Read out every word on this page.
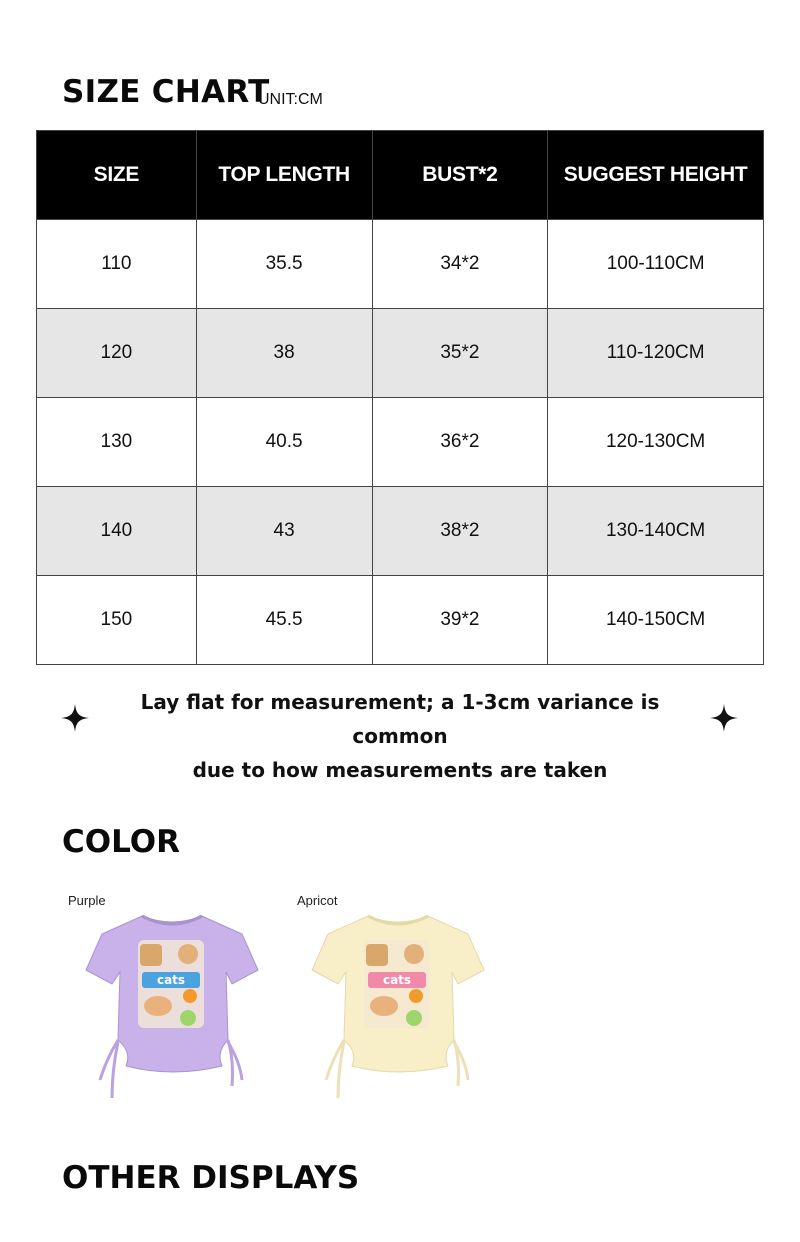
SIZE CHART
UNIT:CM
SIZE	TOP LENGTH	BUST*2	SUGGEST HEIGHT
110	35.5	34*2	100-110CM
120	38	35*2	110-120CM
130	40.5	36*2	120-130CM
140	43	38*2	130-140CM
150	45.5	39*2	140-150CM
Lay flat for measurement; a 1-3cm variance is common
due to how measurements are taken
COLOR
Purple
cats
Apricot
cats
OTHER DISPLAYS
